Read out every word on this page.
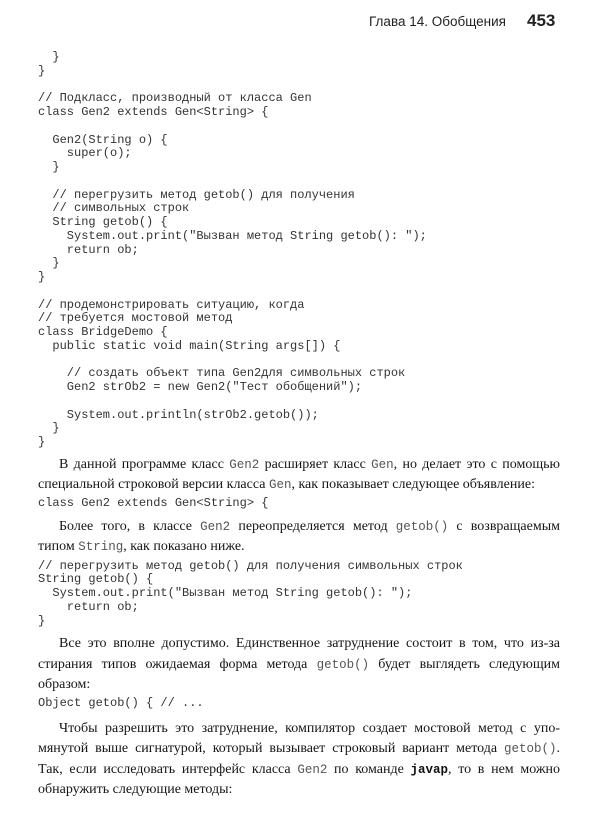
Глава 14. Обобщения 453
}
}

// Подкласс, производный от класса Gen
class Gen2 extends Gen<String> {

Gen2(String o) {
super(o);
}

// перегрузить метод getob() для получения
// символьных строк
String getob() {
System.out.print("Вызван метод String getob(): ");
return ob;
}
}

// продемонстрировать ситуацию, когда
// требуется мостовой метод
class BridgeDemo {
public static void main(String args[]) {

// создать объект типа Gen2для символьных строк
Gen2 strOb2 = new Gen2("Тест обобщений");

System.out.println(strOb2.getob());
}
}
В данной программе класс Gen2 расширяет класс Gen, но делает это с помощью
специальной строковой версии класса Gen, как показывает следующее объявление:
class Gen2 extends Gen<String> {
Более того, в классе Gen2 переопределяется метод getob() с возвращаемым
типом String, как показано ниже.
// перегрузить метод getob() для получения символьных строк
String getob() {
System.out.print("Вызван метод String getob(): ");
return ob;
}
Все это вполне допустимо. Единственное затруднение состоит в том, что из-за
стирания типов ожидаемая форма метода getob() будет выглядеть следующим
образом:
Object getob() { // ...
Чтобы разрешить это затруднение, компилятор создает мостовой метод с упо-
мянутой выше сигнатурой, который вызывает строковый вариант метода getob().
Так, если исследовать интерфейс класса Gen2 по команде javap, то в нем можно
обнаружить следующие методы:
